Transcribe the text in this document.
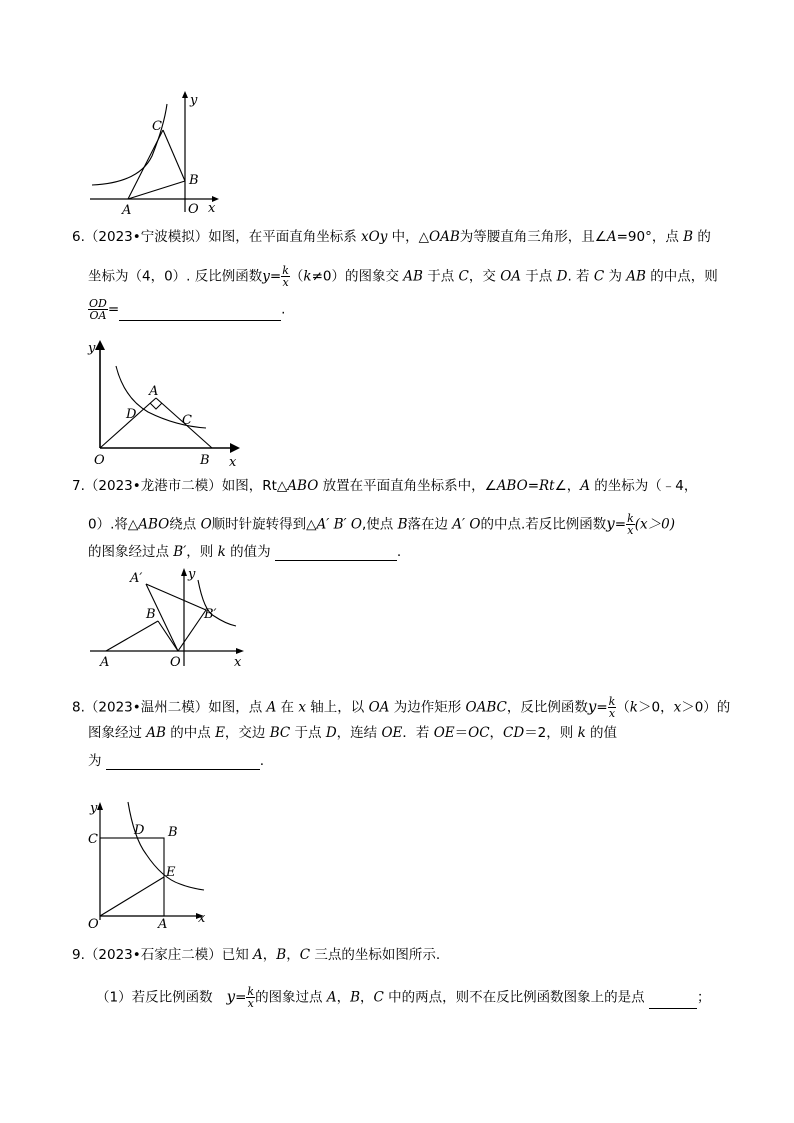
C
B
A	O
y
x
6.（2023•宁波模拟）如图，在平面直角坐标系 xOy 中，△OAB为等腰直角三角形，且∠A=90°，点 B 的
坐标为（4，0）. 反比例函数$y= \frac{k}{x} (k\ne 0)$的图象交 AB 于点 C，交 OA 于点 D. 若 C 为 AB 的中点，则
$\frac{OD}{OA}$ =	.
y
A
D	C
O	B x
7.（2023•龙港市二模）如图，Rt△ABO 放置在平面直角坐标系中，∠ABO=Rt∠，A 的坐标为（﹣4，
0）.将△ABO绕点 O顺时针旋转得到△A′ B′ O,使点 B落在边 A′ O的中点.若反比例函数$y= \frac{k}{x} (x>0)$
的图象经过点 B′，则 k 的值为	.
A′	y
B	B′
A	O	x
8.（2023•温州二模）如图，点 A 在 x 轴上，以 OA 为边作矩形 OABC，反比例函数$y= \frac{k}{x} (k>0$，x＞0）的
图象经过 AB 的中点 E，交边 BC 于点 D，连结 OE．若 OE＝OC，CD＝2，则 k 的值
为	.
y
C
D B
E
O	A x
9.（2023•石家庄二模）已知 A，B，C 三点的坐标如图所示.
（1）若反比例函数 $y= \frac{k}{x}$ 的图象过点 A，B，C 中的两点，则不在反比例函数图象上的是点	；
